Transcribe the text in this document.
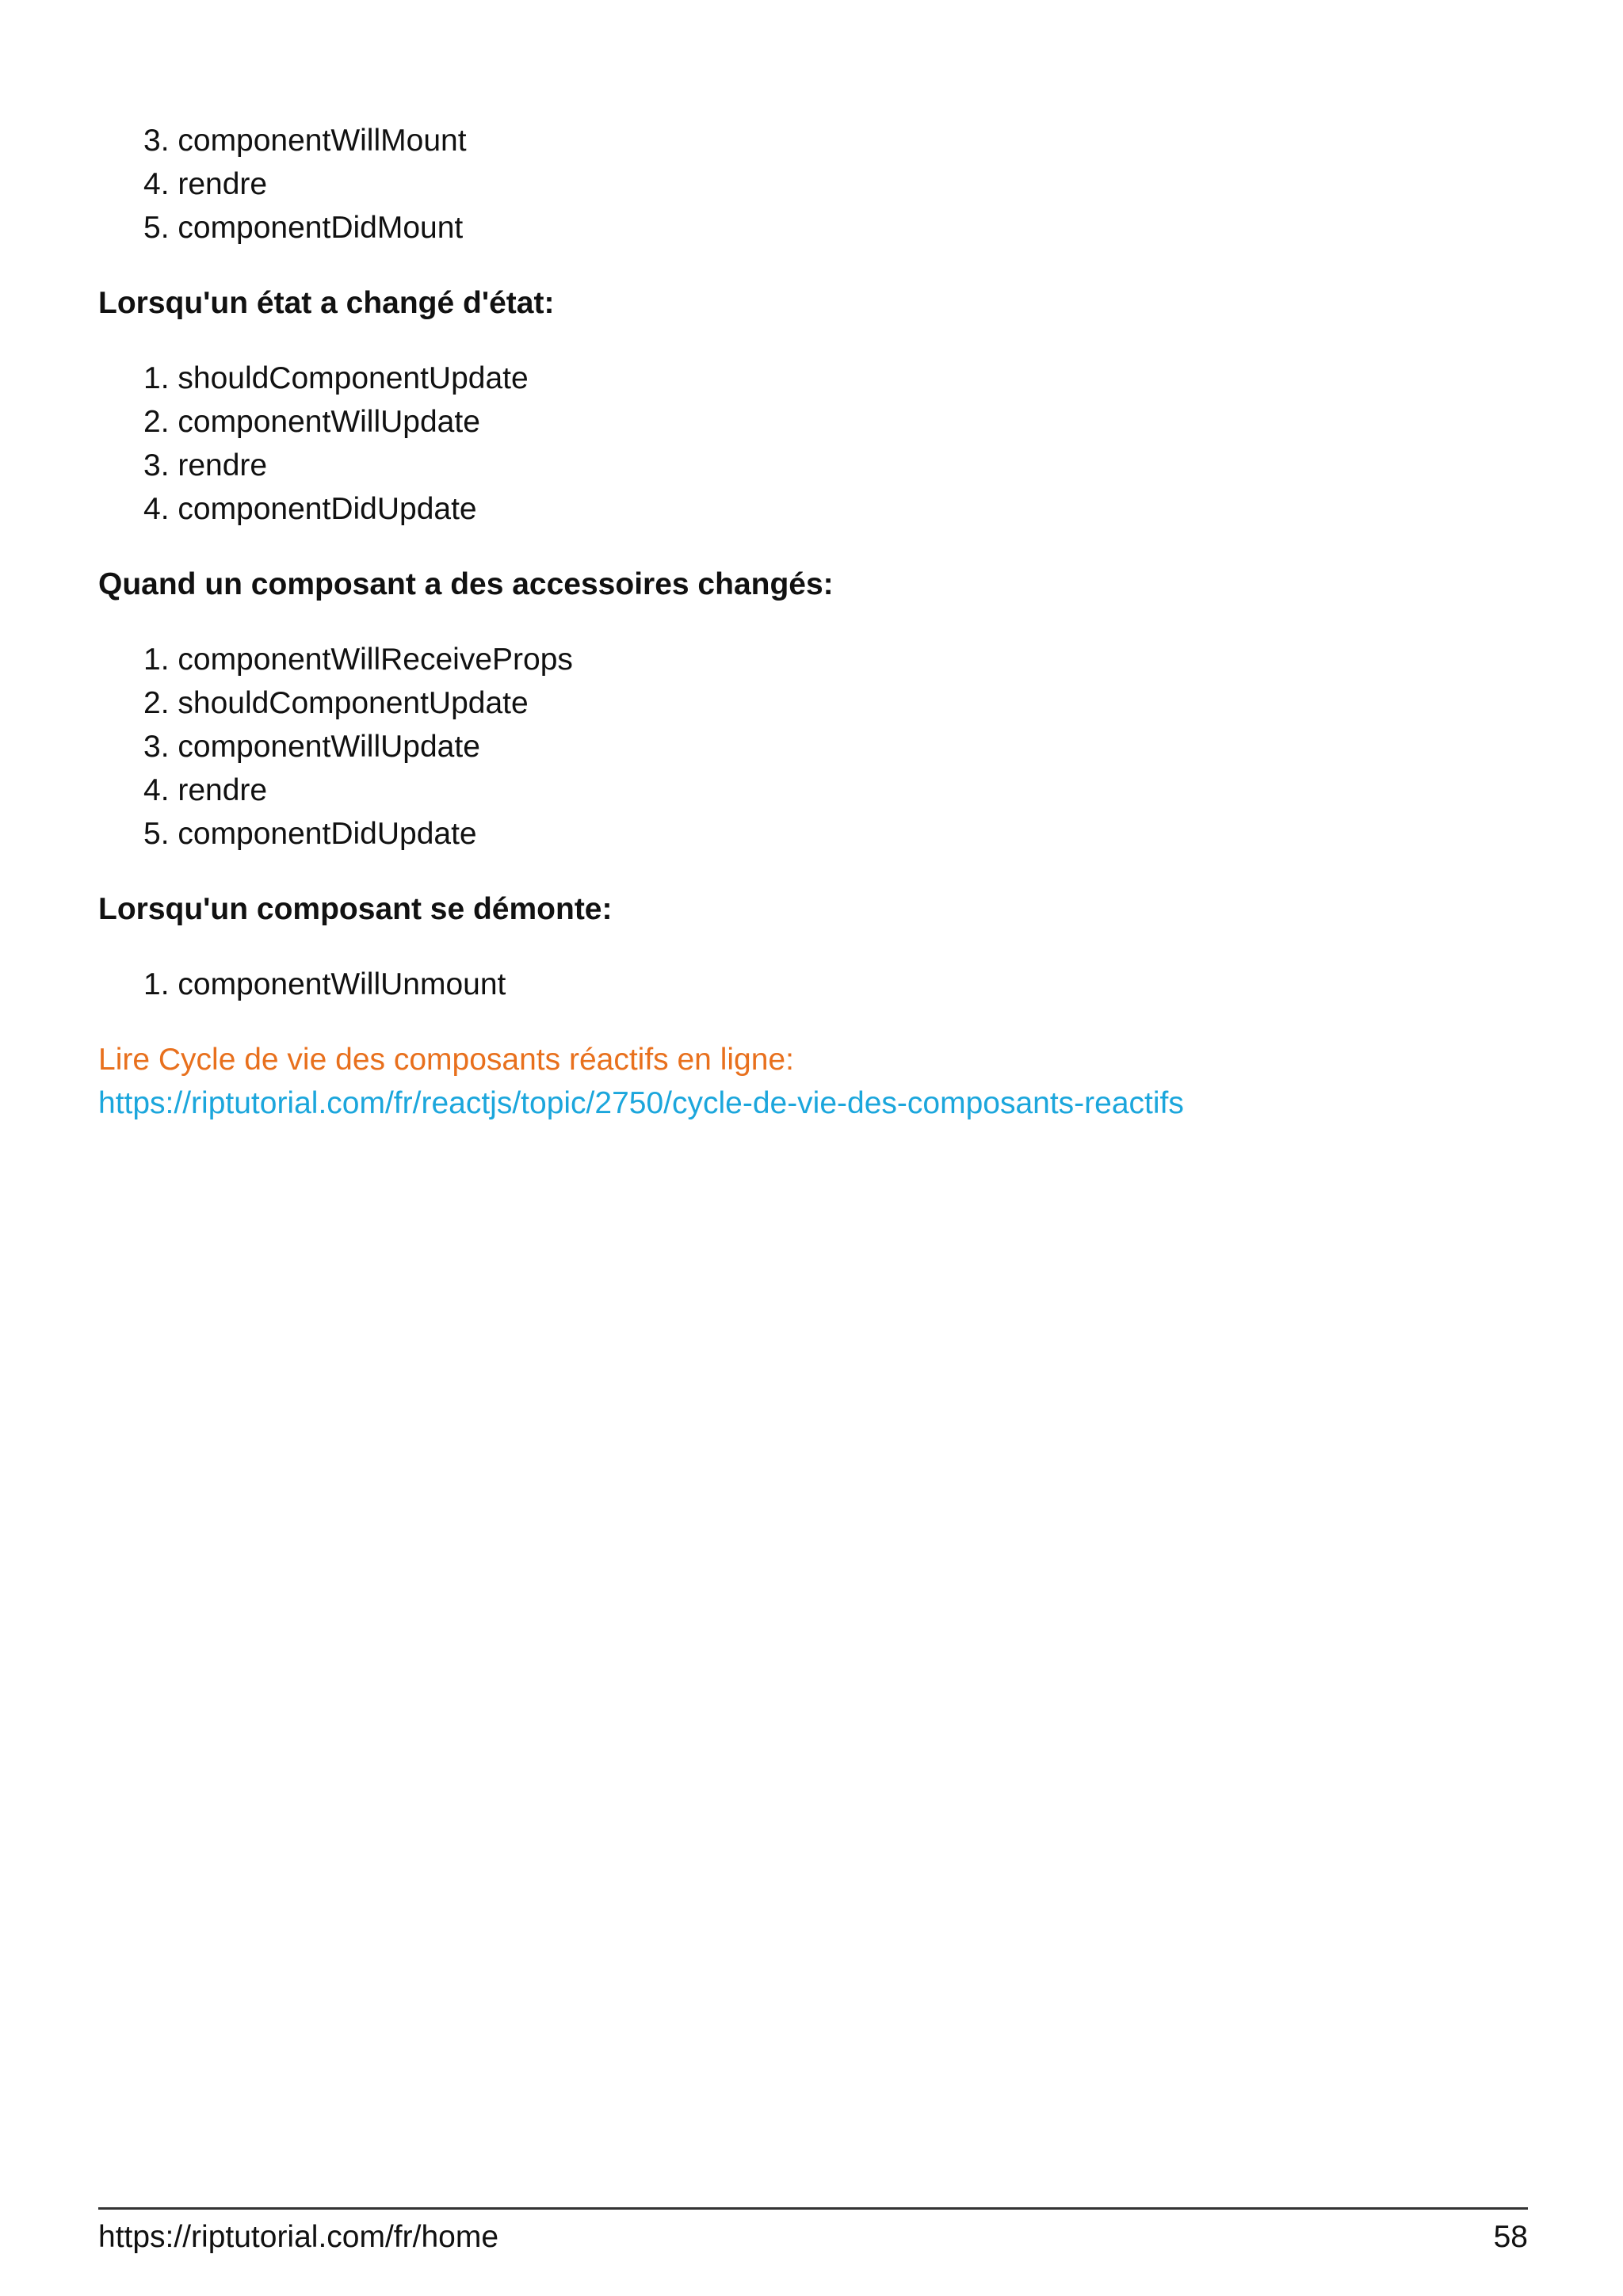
3. componentWillMount
4. rendre
5. componentDidMount
Lorsqu'un état a changé d'état:
1. shouldComponentUpdate
2. componentWillUpdate
3. rendre
4. componentDidUpdate
Quand un composant a des accessoires changés:
1. componentWillReceiveProps
2. shouldComponentUpdate
3. componentWillUpdate
4. rendre
5. componentDidUpdate
Lorsqu'un composant se démonte:
1. componentWillUnmount
Lire Cycle de vie des composants réactifs en ligne:
https://riptutorial.com/fr/reactjs/topic/2750/cycle-de-vie-des-composants-reactifs
https://riptutorial.com/fr/home	58
